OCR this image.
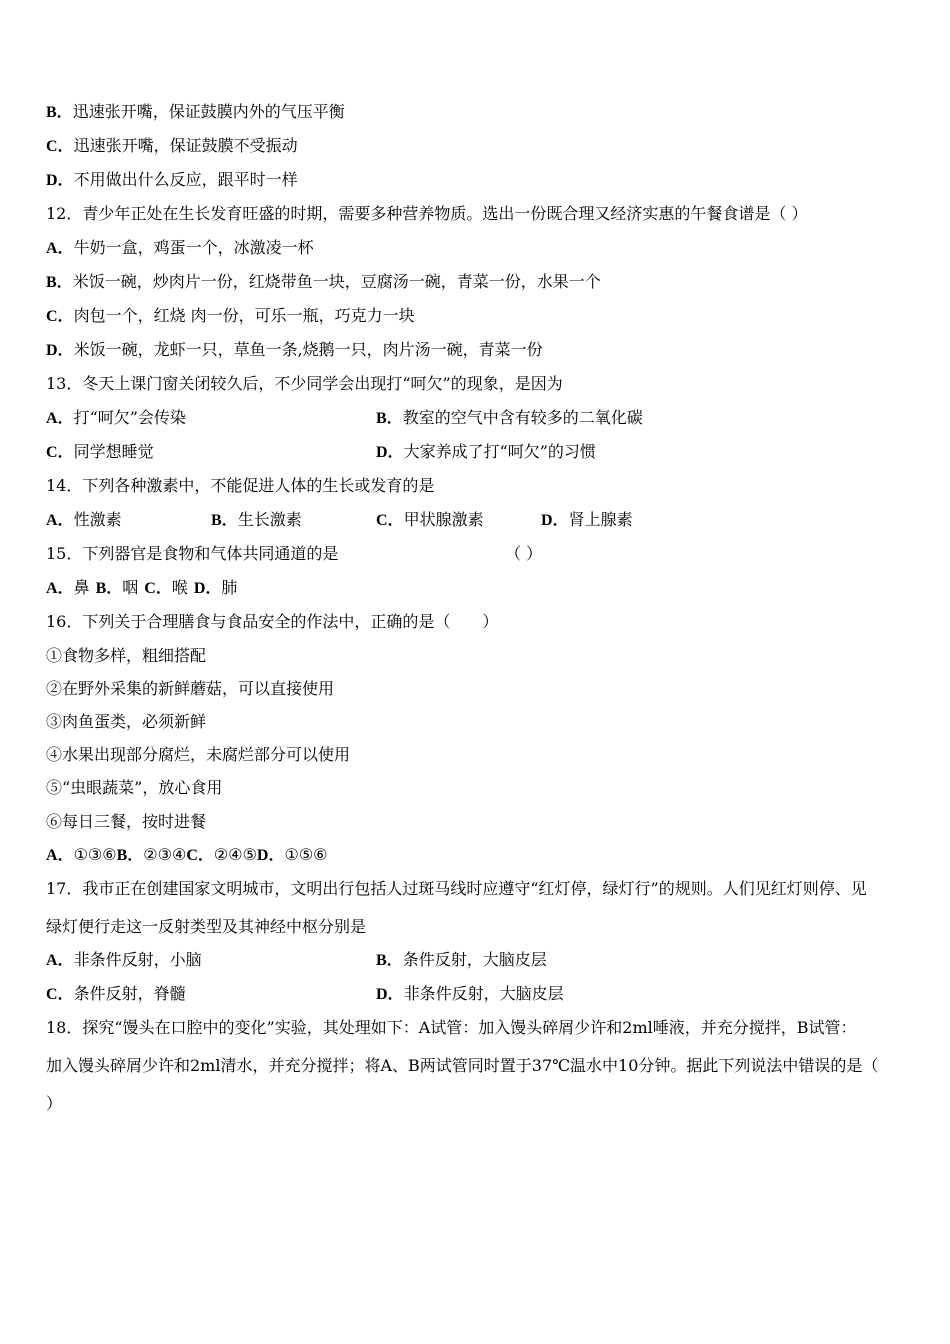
B．迅速张开嘴，保证鼓膜内外的气压平衡
C．迅速张开嘴，保证鼓膜不受振动
D．不用做出什么反应，跟平时一样
12．青少年正处在生长发育旺盛的时期，需要多种营养物质。选出一份既合理又经济实惠的午餐食谱是（ ）
A．牛奶一盒，鸡蛋一个，冰激凌一杯
B．米饭一碗，炒肉片一份，红烧带鱼一块，豆腐汤一碗，青菜一份，水果一个
C．肉包一个，红烧 肉一份，可乐一瓶，巧克力一块
D．米饭一碗，龙虾一只，草鱼一条,烧鹅一只，肉片汤一碗，青菜一份
13．冬天上课门窗关闭较久后，不少同学会出现打“呵欠”的现象，是因为
A．打“呵欠”会传染	B．教室的空气中含有较多的二氧化碳
C．同学想睡觉	D．大家养成了打“呵欠”的习惯
14．下列各种激素中，不能促进人体的生长或发育的是
A．性激素	B．生长激素	C．甲状腺激素	D．肾上腺素
15．下列器官是食物和气体共同通道的是	（ ）
A．鼻 B．咽 C．喉 D．肺
16．下列关于合理膳食与食品安全的作法中，正确的是（　　）
①食物多样，粗细搭配
②在野外采集的新鲜蘑菇，可以直接使用
③肉鱼蛋类，必须新鲜
④水果出现部分腐烂，未腐烂部分可以使用
⑤“虫眼蔬菜”，放心食用
⑥每日三餐，按时进餐
A．①③⑥B．②③④C．②④⑤D．①⑤⑥
17．我市正在创建国家文明城市，文明出行包括人过斑马线时应遵守“红灯停，绿灯行”的规则。人们见红灯则停、见
绿灯便行走这一反射类型及其神经中枢分别是
A．非条件反射，小脑	B．条件反射，大脑皮层
C．条件反射，脊髓	D．非条件反射，大脑皮层
18．探究“馒头在口腔中的变化”实验，其处理如下：A试管：加入馒头碎屑少许和2ml唾液，并充分搅拌，B试管：
加入馒头碎屑少许和2ml清水，并充分搅拌；将A、B两试管同时置于37℃温水中10分钟。据此下列说法中错误的是（
）
